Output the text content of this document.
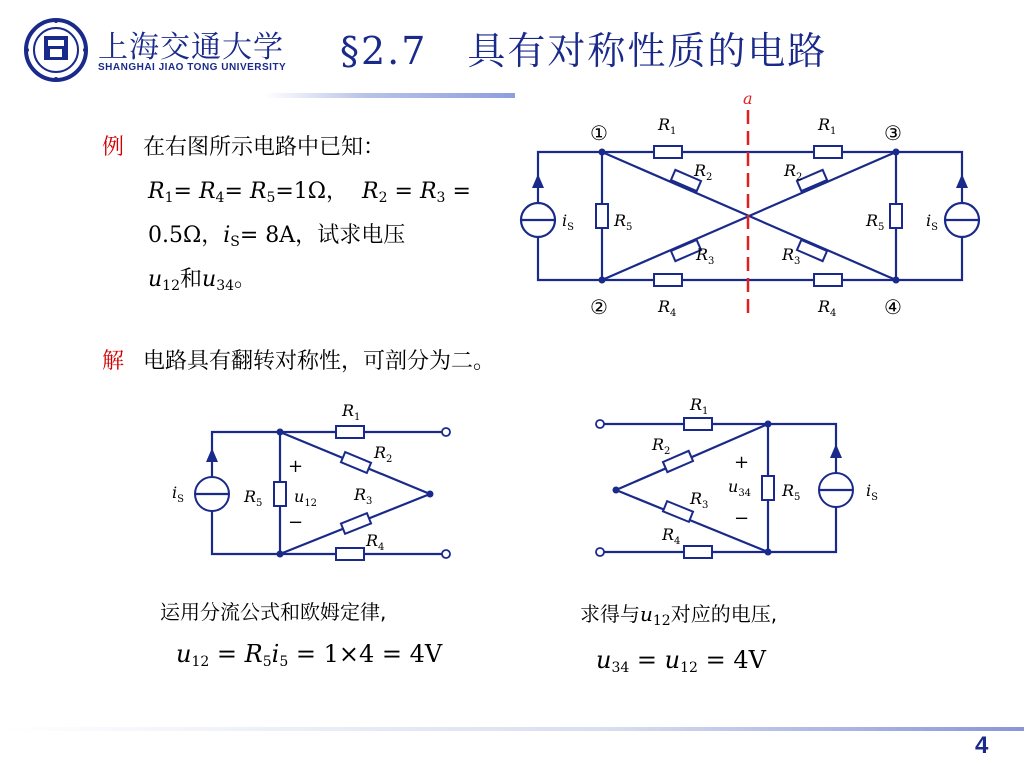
上海交通大学
SHANGHAI JIAO TONG UNIVERSITY §2.7　具有对称性质的电路
例 在右图所示电路中已知：
$R_1= R_4= R_5=1\Omega$，  $R_2 = R_3$ =
0.5Ω，$i_S= 8A$，试求电压
$u_{12}$和$u_{34}$。
解 电路具有翻转对称性，可剖分为二。
运用分流公式和欧姆定律,
$u_{12} = R_5i_5 = 1\times 4 = 4V$
求得与$u_{12}$对应的电压,
$u_{34} = u_{12} = 4V$
a
①
②
③
④
$R_1$	$R_1$
$R_4$	$R_4$
$R_5$	$R_5$
$R_2$	$R_2$
$R_3$	$R_3$
$i_S$	$i_S$
$R_1$
$R_2$
$R_3$
$R_4$
$R_5$
$i_S$	$u_{12}$
+
−
$R_1$
$R_2$
$R_3$
$R_4$
$R_5$	$i_S$
$u_{34}$
+
−
4
